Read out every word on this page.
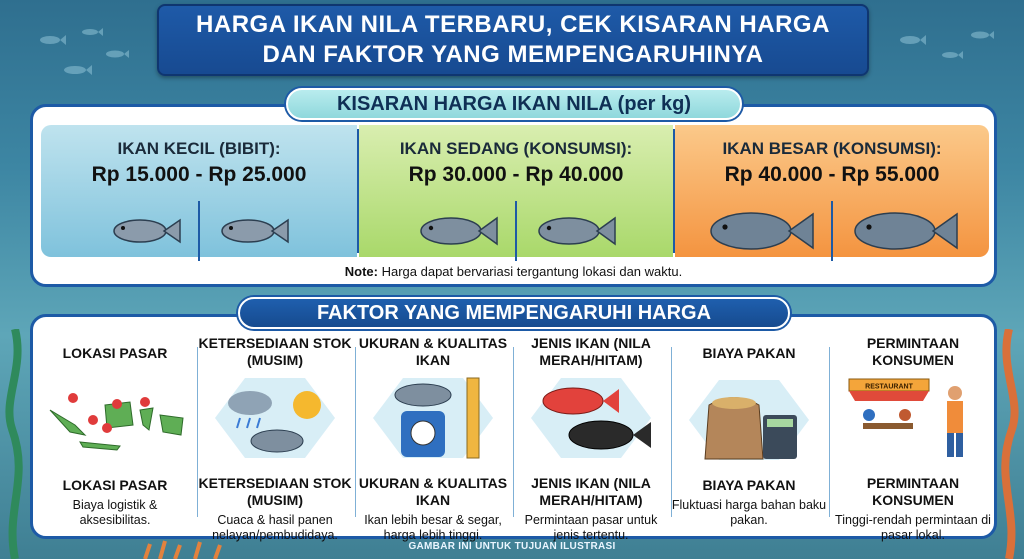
HARGA IKAN NILA TERBARU, CEK KISARAN HARGA
DAN FAKTOR YANG MEMPENGARUHINYA
IKAN KECIL (BIBIT):
Rp 15.000 - Rp 25.000
IKAN SEDANG (KONSUMSI):
Rp 30.000 - Rp 40.000
IKAN BESAR (KONSUMSI):
Rp 40.000 - Rp 55.000
Note: Harga dapat bervariasi tergantung lokasi dan waktu.
KISARAN HARGA IKAN NILA (per kg)
LOKASI PASAR
LOKASI PASAR
Biaya logistik & aksesibilitas.
KETERSEDIAAN STOK (MUSIM)
KETERSEDIAAN STOK (MUSIM)
Cuaca & hasil panen nelayan/pembudidaya.
UKURAN & KUALITAS IKAN
UKURAN & KUALITAS IKAN
Ikan lebih besar & segar, harga lebih tinggi.
JENIS IKAN (NILA MERAH/HITAM)
JENIS IKAN (NILA MERAH/HITAM)
Permintaan pasar untuk jenis tertentu.
BIAYA PAKAN
BIAYA PAKAN
Fluktuasi harga bahan baku pakan.
PERMINTAAN KONSUMEN
RESTAURANT
PERMINTAAN KONSUMEN
Tinggi-rendah permintaan di pasar lokal.
FAKTOR YANG MEMPENGARUHI HARGA
GAMBAR INI UNTUK TUJUAN ILUSTRASI
